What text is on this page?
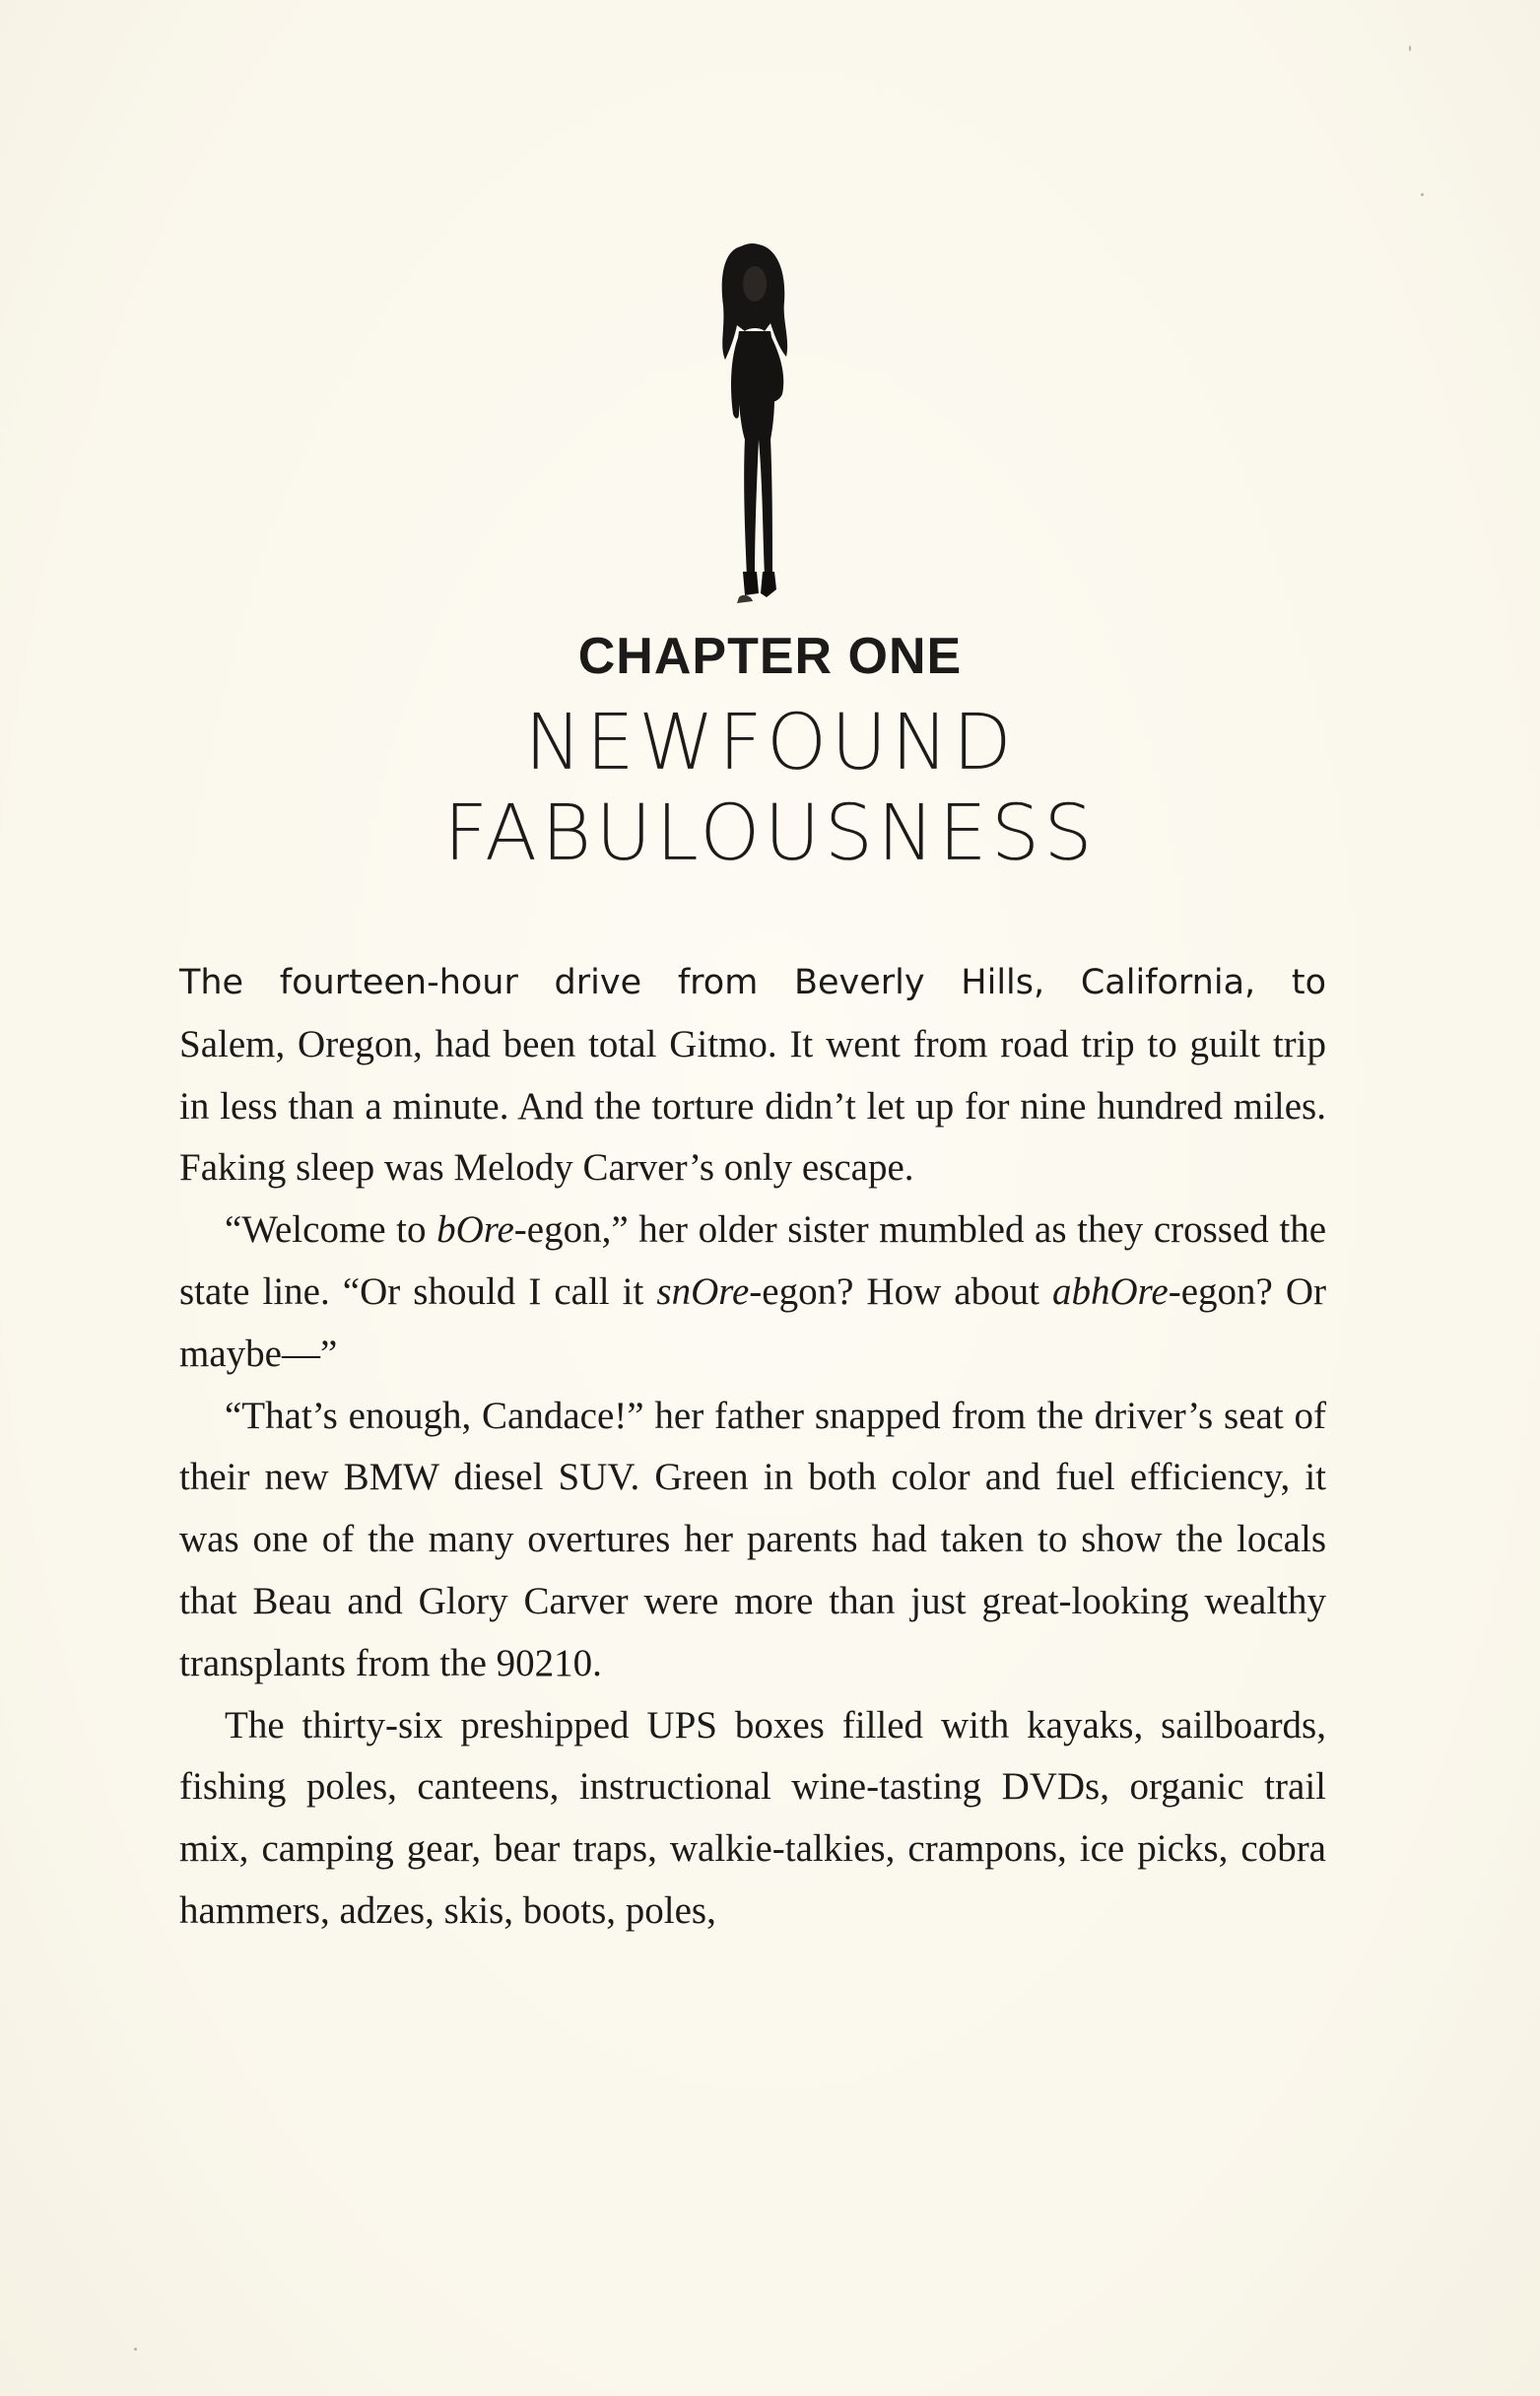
CHAPTER ONE
NEWFOUND
FABULOUSNESS

The fourteen-hour drive from Beverly Hills, California, to
Salem, Oregon, had been total Gitmo. It went from road trip to guilt trip in less than a minute. And the torture didn’t let up for nine hundred miles. Faking sleep was Melody Carver’s only escape.

“Welcome to bOre-egon,” her older sister mumbled as they crossed the state line. “Or should I call it snOre-egon? How about abhOre-egon? Or maybe—”

“That’s enough, Candace!” her father snapped from the driver’s seat of their new BMW diesel SUV. Green in both color and fuel efficiency, it was one of the many overtures her parents had taken to show the locals that Beau and Glory Carver were more than just great-looking wealthy transplants from the 90210.

The thirty-six preshipped UPS boxes filled with kayaks, sailboards, fishing poles, canteens, instructional wine-tasting DVDs, organic trail mix, camping gear, bear traps, walkie-talkies, crampons, ice picks, cobra hammers, adzes, skis, boots, poles,
